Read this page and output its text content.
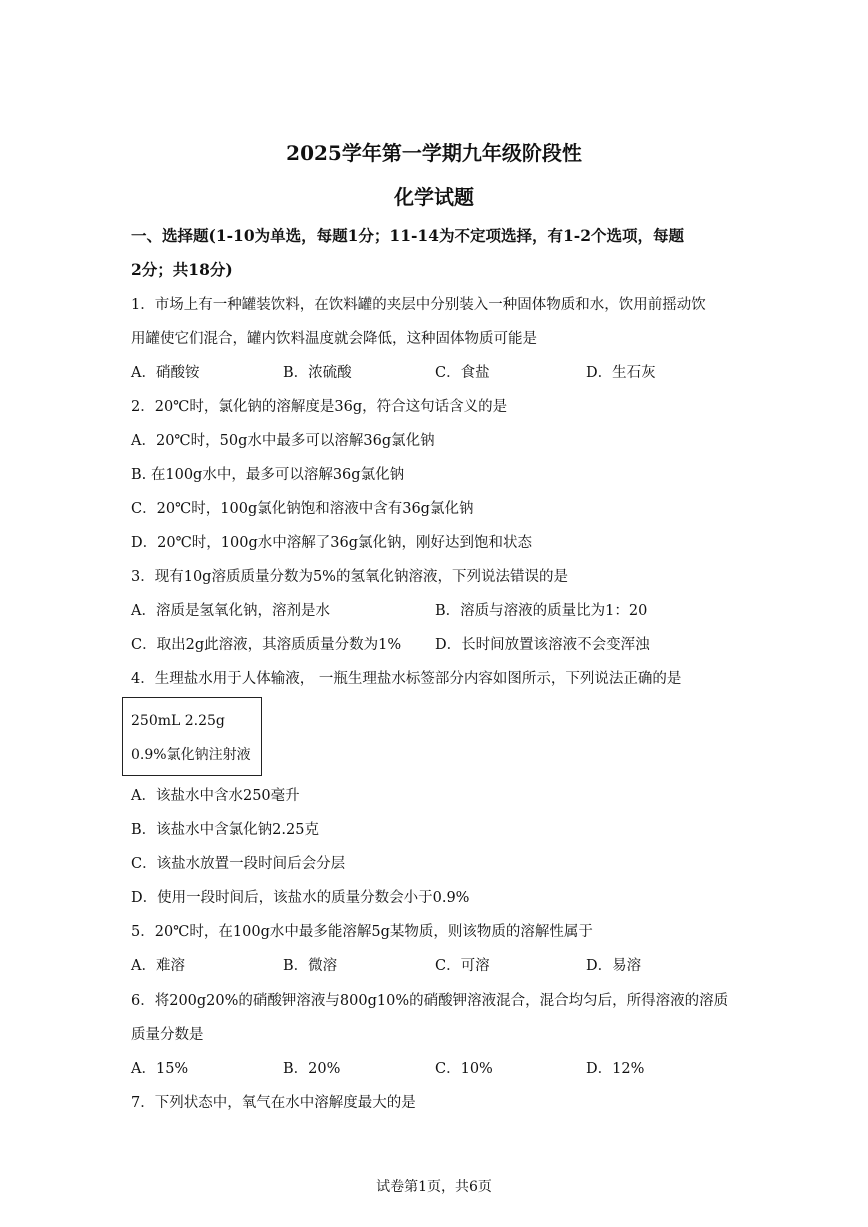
2025学年第一学期九年级阶段性
化学试题
一、选择题(1-10为单选，每题1分；11-14为不定项选择，有1-2个选项，每题
2分；共18分)
1．市场上有一种罐装饮料，在饮料罐的夹层中分别装入一种固体物质和水，饮用前摇动饮
用罐使它们混合，罐内饮料温度就会降低，这种固体物质可能是
A．硝酸铵	B．浓硫酸	C．食盐	D．生石灰
2．20℃时，氯化钠的溶解度是36g，符合这句话含义的是
A．20℃时，50g水中最多可以溶解36g氯化钠
B. 在100g水中，最多可以溶解36g氯化钠
C．20℃时，100g氯化钠饱和溶液中含有36g氯化钠
D．20℃时，100g水中溶解了36g氯化钠，刚好达到饱和状态
3．现有10g溶质质量分数为5%的氢氧化钠溶液，下列说法错误的是
A．溶质是氢氧化钠，溶剂是水	B．溶质与溶液的质量比为1：20
C．取出2g此溶液，其溶质质量分数为1% D．长时间放置该溶液不会变浑浊
4．生理盐水用于人体输液， 一瓶生理盐水标签部分内容如图所示，下列说法正确的是
250mL 2.25g
0.9%氯化钠注射液
A．该盐水中含水250毫升
B．该盐水中含氯化钠2.25克
C．该盐水放置一段时间后会分层
D．使用一段时间后，该盐水的质量分数会小于0.9%
5．20℃时，在100g水中最多能溶解5g某物质，则该物质的溶解性属于
A．难溶	B．微溶	C．可溶	D．易溶
6．将200g20%的硝酸钾溶液与800g10%的硝酸钾溶液混合，混合均匀后，所得溶液的溶质
质量分数是
A．15%	B．20%	C．10%	D．12%
7．下列状态中，氧气在水中溶解度最大的是
试卷第1页，共6页
